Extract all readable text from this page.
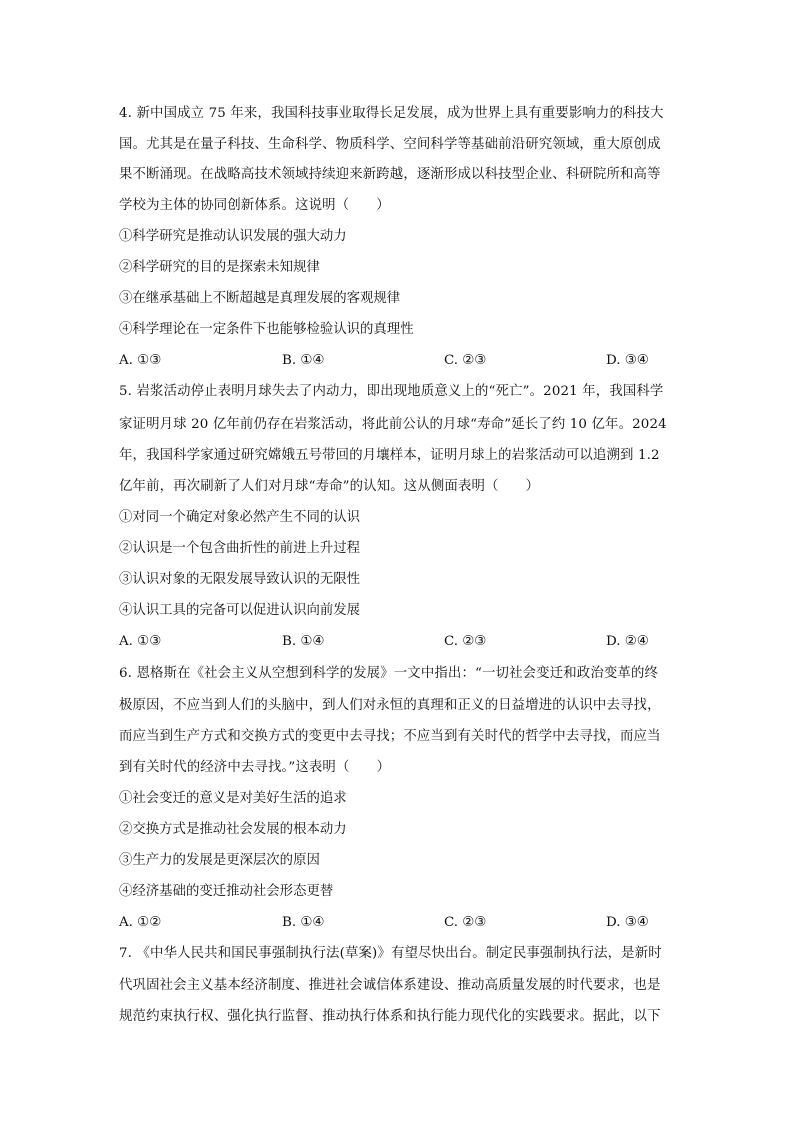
4. 新中国成立 75 年来，我国科技事业取得长足发展，成为世界上具有重要影响力的科技大
国。尤其是在量子科技、生命科学、物质科学、空间科学等基础前沿研究领域，重大原创成
果不断涌现。在战略高技术领域持续迎来新跨越，逐渐形成以科技型企业、科研院所和高等
学校为主体的协同创新体系。这说明（　　）
①科学研究是推动认识发展的强大动力
②科学研究的目的是探索未知规律
③在继承基础上不断超越是真理发展的客观规律
④科学理论在一定条件下也能够检验认识的真理性
A. ①③	B. ①④	C. ②③	D. ③④
5. 岩浆活动停止表明月球失去了内动力，即出现地质意义上的“死亡”。2021 年，我国科学
家证明月球 20 亿年前仍存在岩浆活动，将此前公认的月球“寿命”延长了约 10 亿年。2024
年，我国科学家通过研究嫦娥五号带回的月壤样本，证明月球上的岩浆活动可以追溯到 1.2
亿年前，再次刷新了人们对月球“寿命”的认知。这从侧面表明（　　）
①对同一个确定对象必然产生不同的认识
②认识是一个包含曲折性的前进上升过程
③认识对象的无限发展导致认识的无限性
④认识工具的完备可以促进认识向前发展
A. ①③	B. ①④	C. ②③	D. ②④
6. 恩格斯在《社会主义从空想到科学的发展》一文中指出：“一切社会变迁和政治变革的终
极原因，不应当到人们的头脑中，到人们对永恒的真理和正义的日益增进的认识中去寻找，
而应当到生产方式和交换方式的变更中去寻找；不应当到有关时代的哲学中去寻找，而应当
到有关时代的经济中去寻找。”这表明（　　）
①社会变迁的意义是对美好生活的追求
②交换方式是推动社会发展的根本动力
③生产力的发展是更深层次的原因
④经济基础的变迁推动社会形态更替
A. ①②	B. ①④	C. ②③	D. ③④
7. 《中华人民共和国民事强制执行法(草案)》有望尽快出台。制定民事强制执行法，是新时
代巩固社会主义基本经济制度、推进社会诚信体系建设、推动高质量发展的时代要求，也是
规范约束执行权、强化执行监督、推动执行体系和执行能力现代化的实践要求。据此，以下
